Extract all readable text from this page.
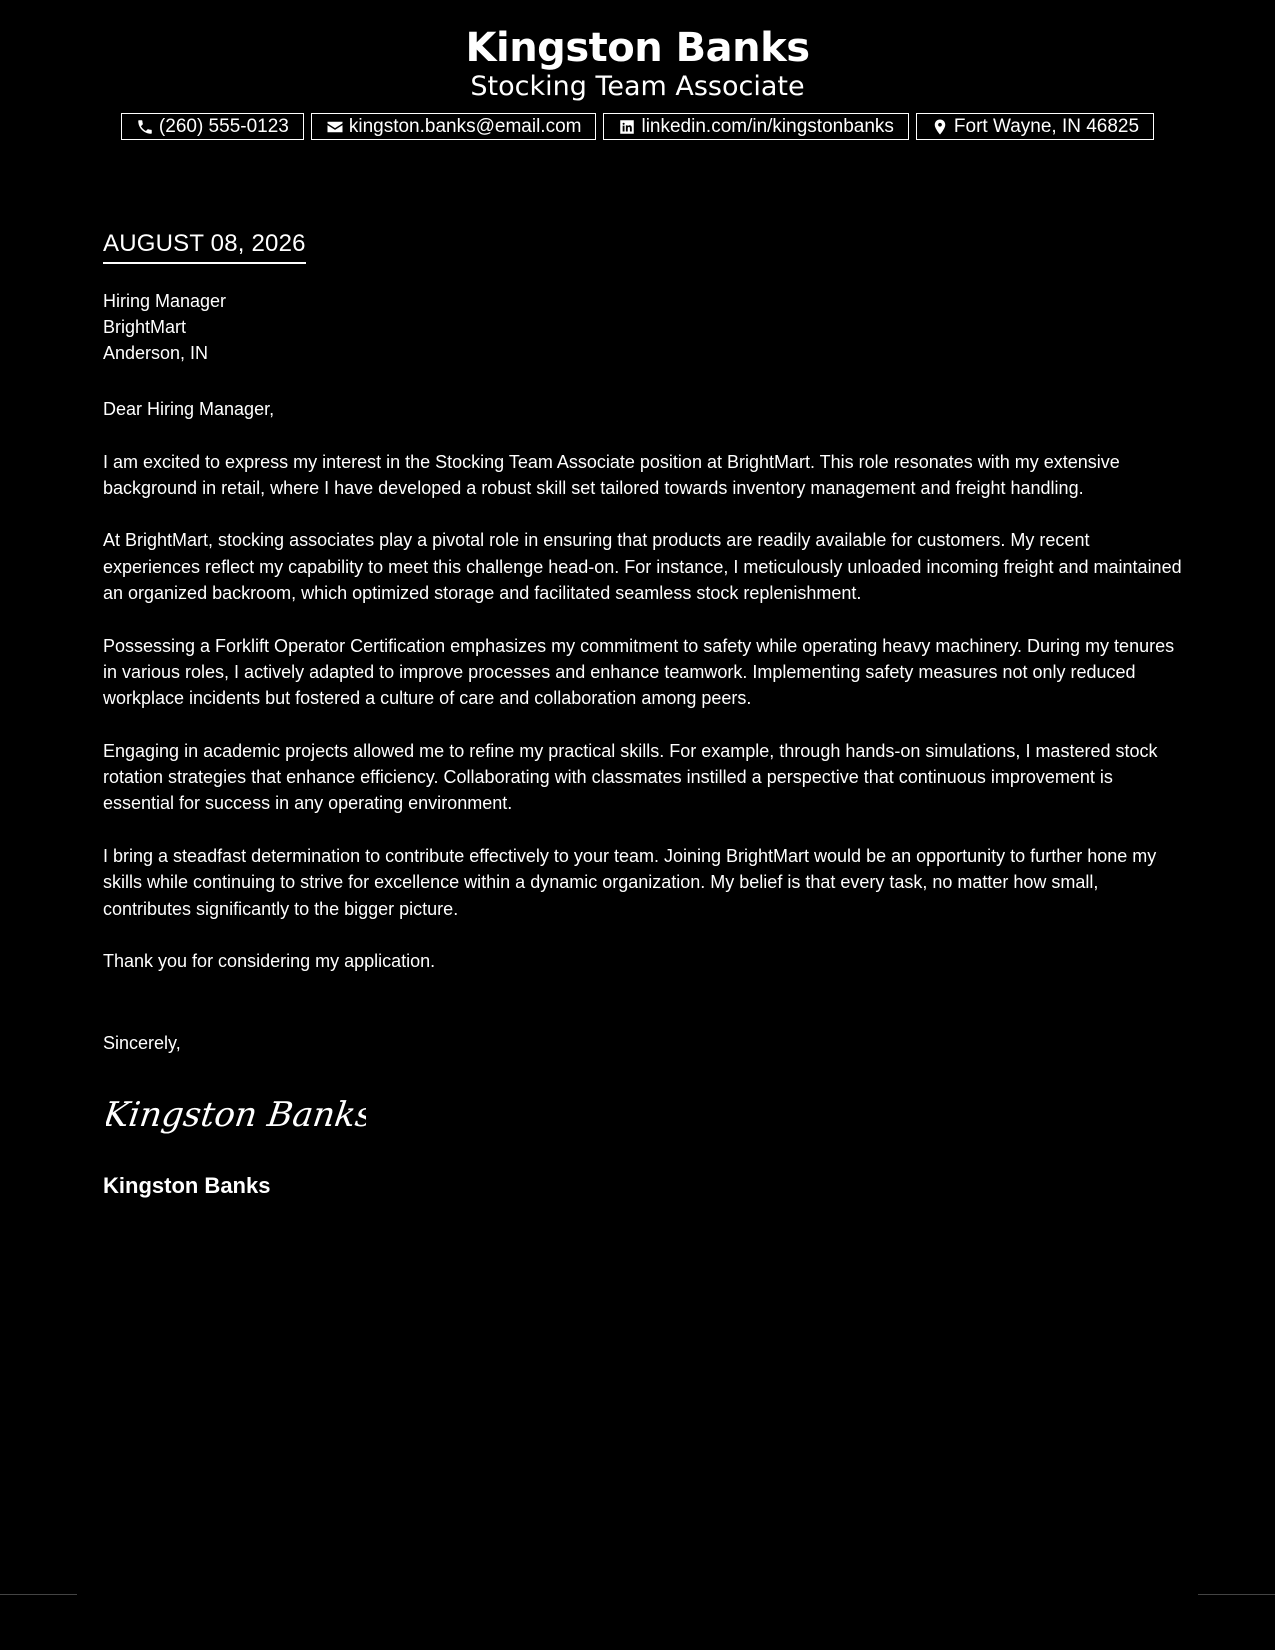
Kingston Banks
Stocking Team Associate
(260) 555-0123	kingston.banks@email.com	linkedin.com/in/kingstonbanks	Fort Wayne, IN 46825
AUGUST 08, 2026
Hiring Manager
BrightMart
Anderson, IN

Dear Hiring Manager,

I am excited to express my interest in the Stocking Team Associate position at BrightMart. This role resonates with my extensive background in retail, where I have developed a robust skill set tailored towards inventory management and freight handling.

At BrightMart, stocking associates play a pivotal role in ensuring that products are readily available for customers. My recent experiences reflect my capability to meet this challenge head-on. For instance, I meticulously unloaded incoming freight and maintained an organized backroom, which optimized storage and facilitated seamless stock replenishment.

Possessing a Forklift Operator Certification emphasizes my commitment to safety while operating heavy machinery. During my tenures in various roles, I actively adapted to improve processes and enhance teamwork. Implementing safety measures not only reduced workplace incidents but fostered a culture of care and collaboration among peers.

Engaging in academic projects allowed me to refine my practical skills. For example, through hands-on simulations, I mastered stock rotation strategies that enhance efficiency. Collaborating with classmates instilled a perspective that continuous improvement is essential for success in any operating environment.

I bring a steadfast determination to contribute effectively to your team. Joining BrightMart would be an opportunity to further hone my skills while continuing to strive for excellence within a dynamic organization. My belief is that every task, no matter how small, contributes significantly to the bigger picture.

Thank you for considering my application.

Sincerely,
Kingston Banks
Kingston Banks
